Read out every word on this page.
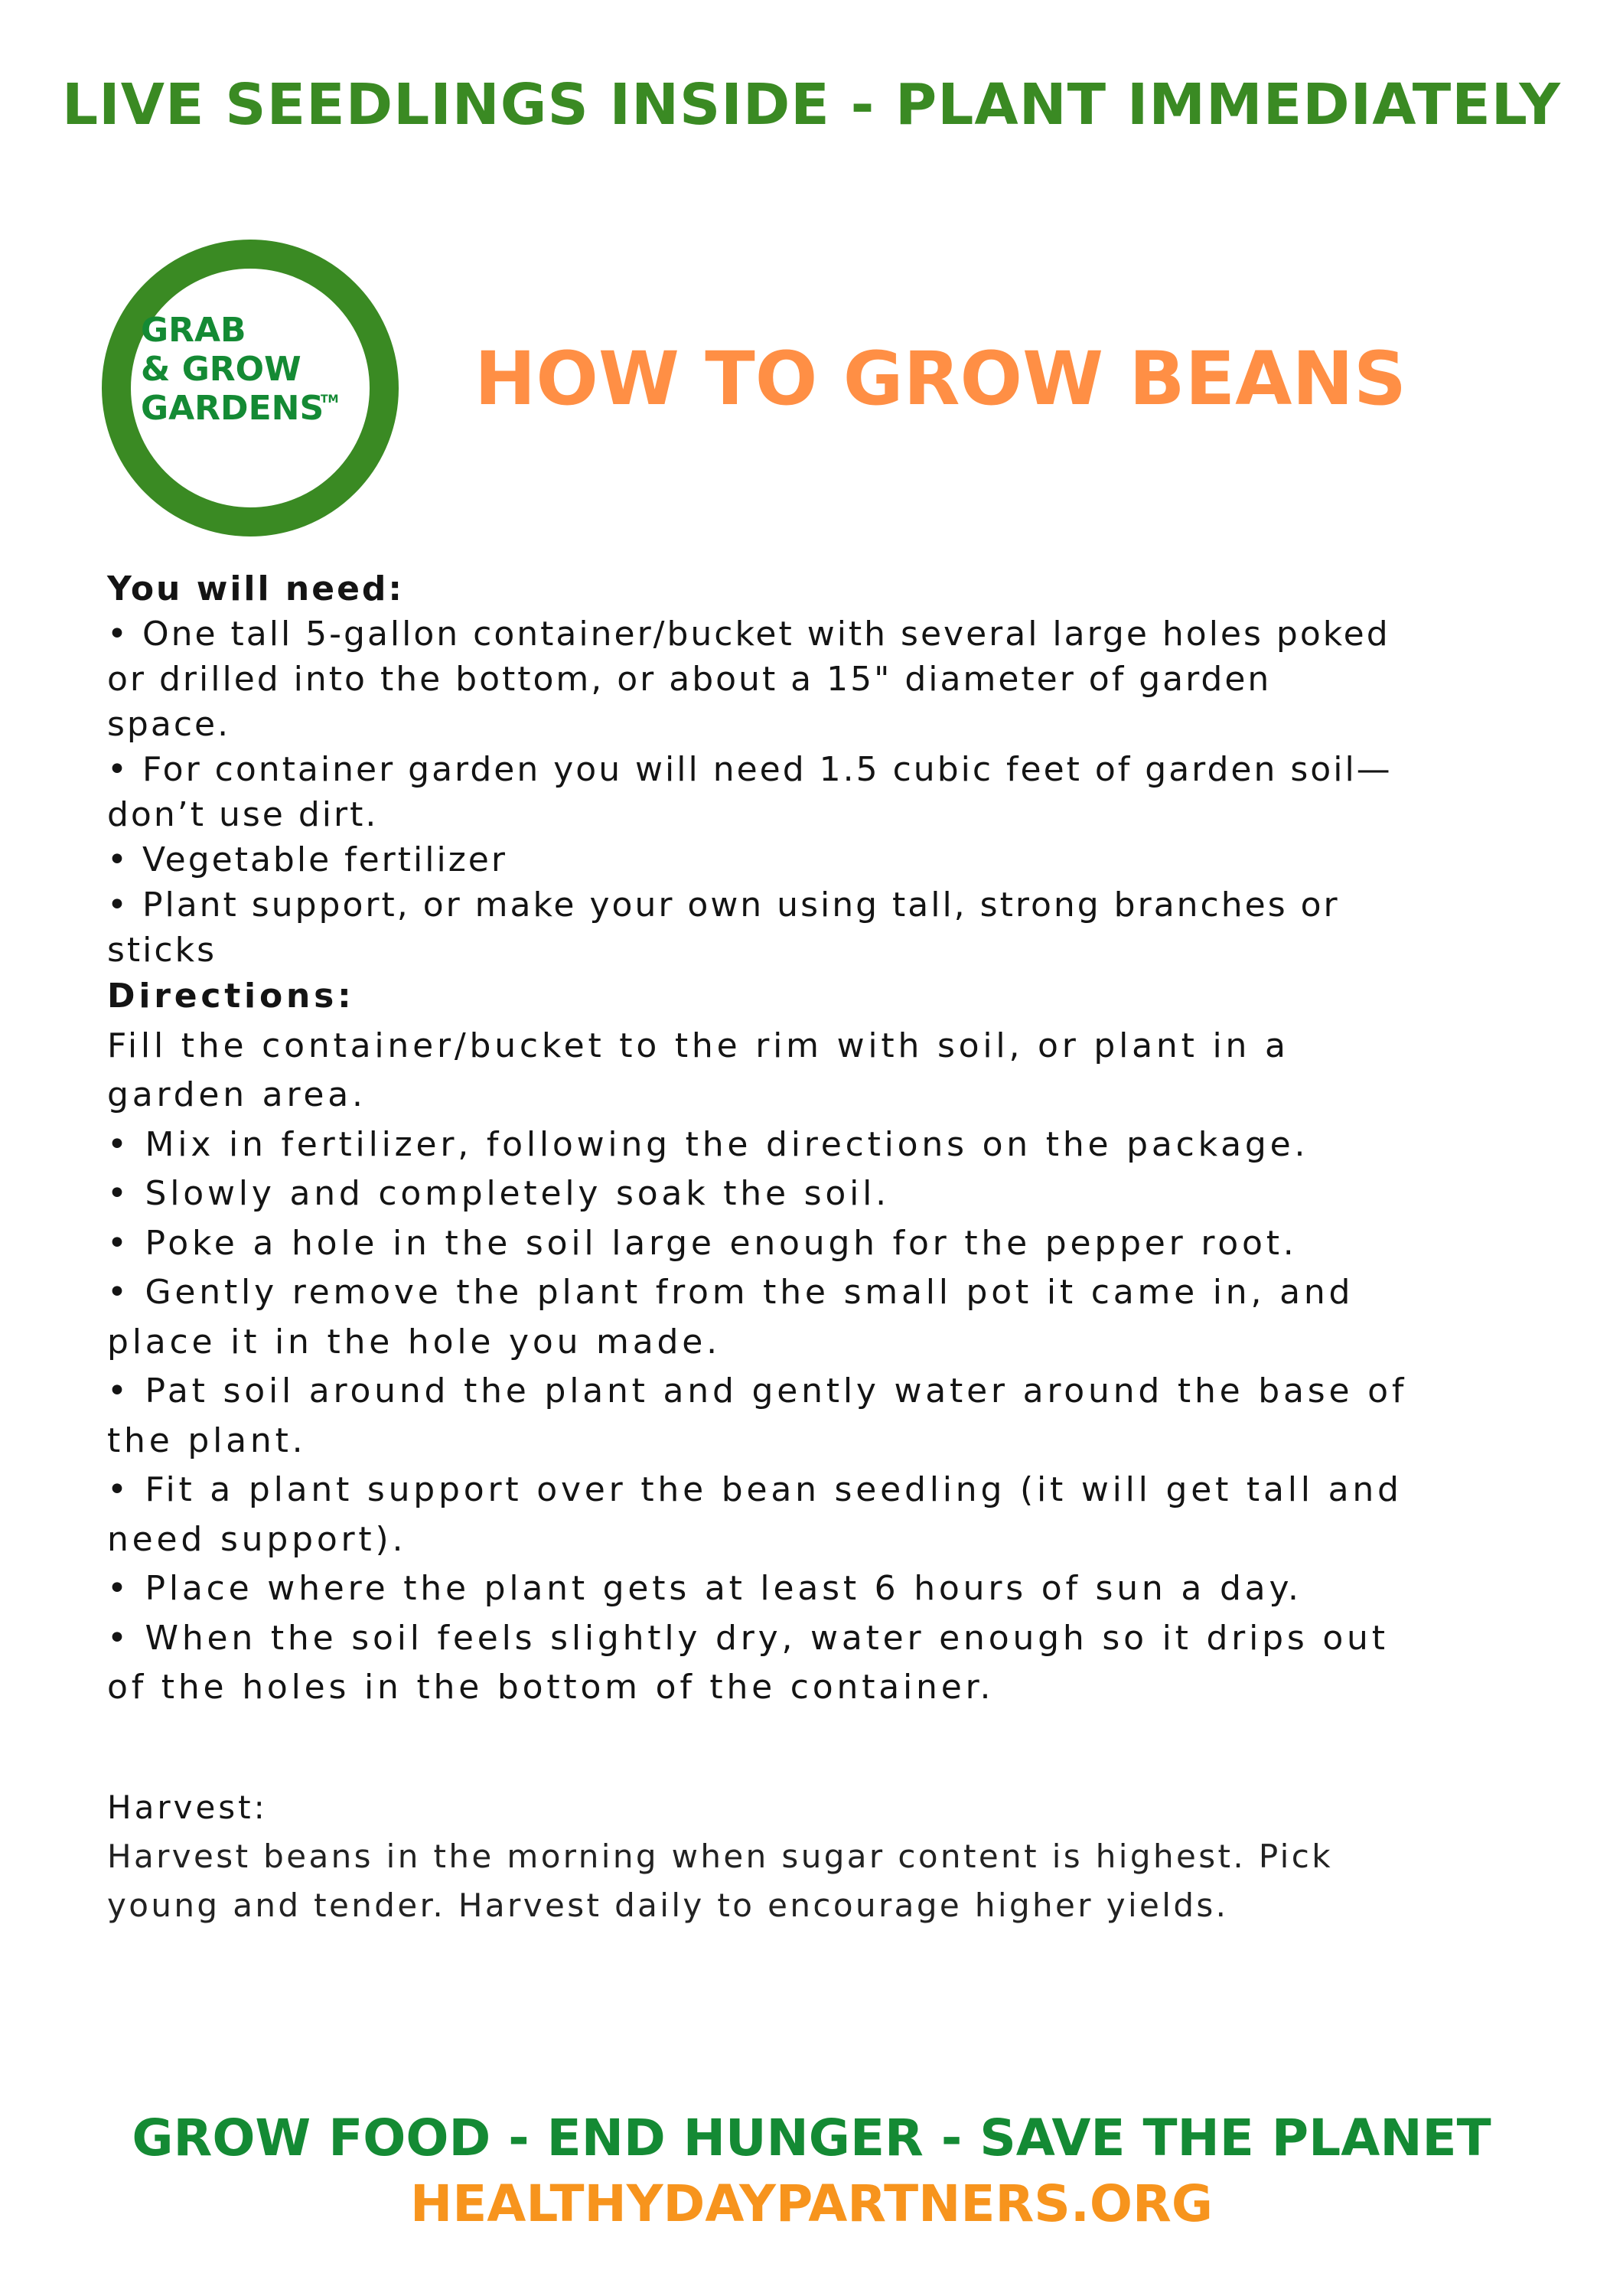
LIVE SEEDLINGS INSIDE - PLANT IMMEDIATELY
GRAB
& GROW
GARDENS
TM HOW TO GROW BEANS
You will need:
• One tall 5-gallon container/bucket with several large holes poked
or drilled into the bottom, or about a 15" diameter of garden
space.
• For container garden you will need 1.5 cubic feet of garden soil—
don’t use dirt.
• Vegetable fertilizer
• Plant support, or make your own using tall, strong branches or
sticks
Directions:
Fill the container/bucket to the rim with soil, or plant in a
garden area.
• Mix in fertilizer, following the directions on the package.
• Slowly and completely soak the soil.
• Poke a hole in the soil large enough for the pepper root.
• Gently remove the plant from the small pot it came in, and
place it in the hole you made.
• Pat soil around the plant and gently water around the base of
the plant.
• Fit a plant support over the bean seedling (it will get tall and
need support).
• Place where the plant gets at least 6 hours of sun a day.
• When the soil feels slightly dry, water enough so it drips out
of the holes in the bottom of the container.
Harvest:
Harvest beans in the morning when sugar content is highest. Pick
young and tender. Harvest daily to encourage higher yields.
GROW FOOD - END HUNGER - SAVE THE PLANET
HEALTHYDAYPARTNERS.ORG
